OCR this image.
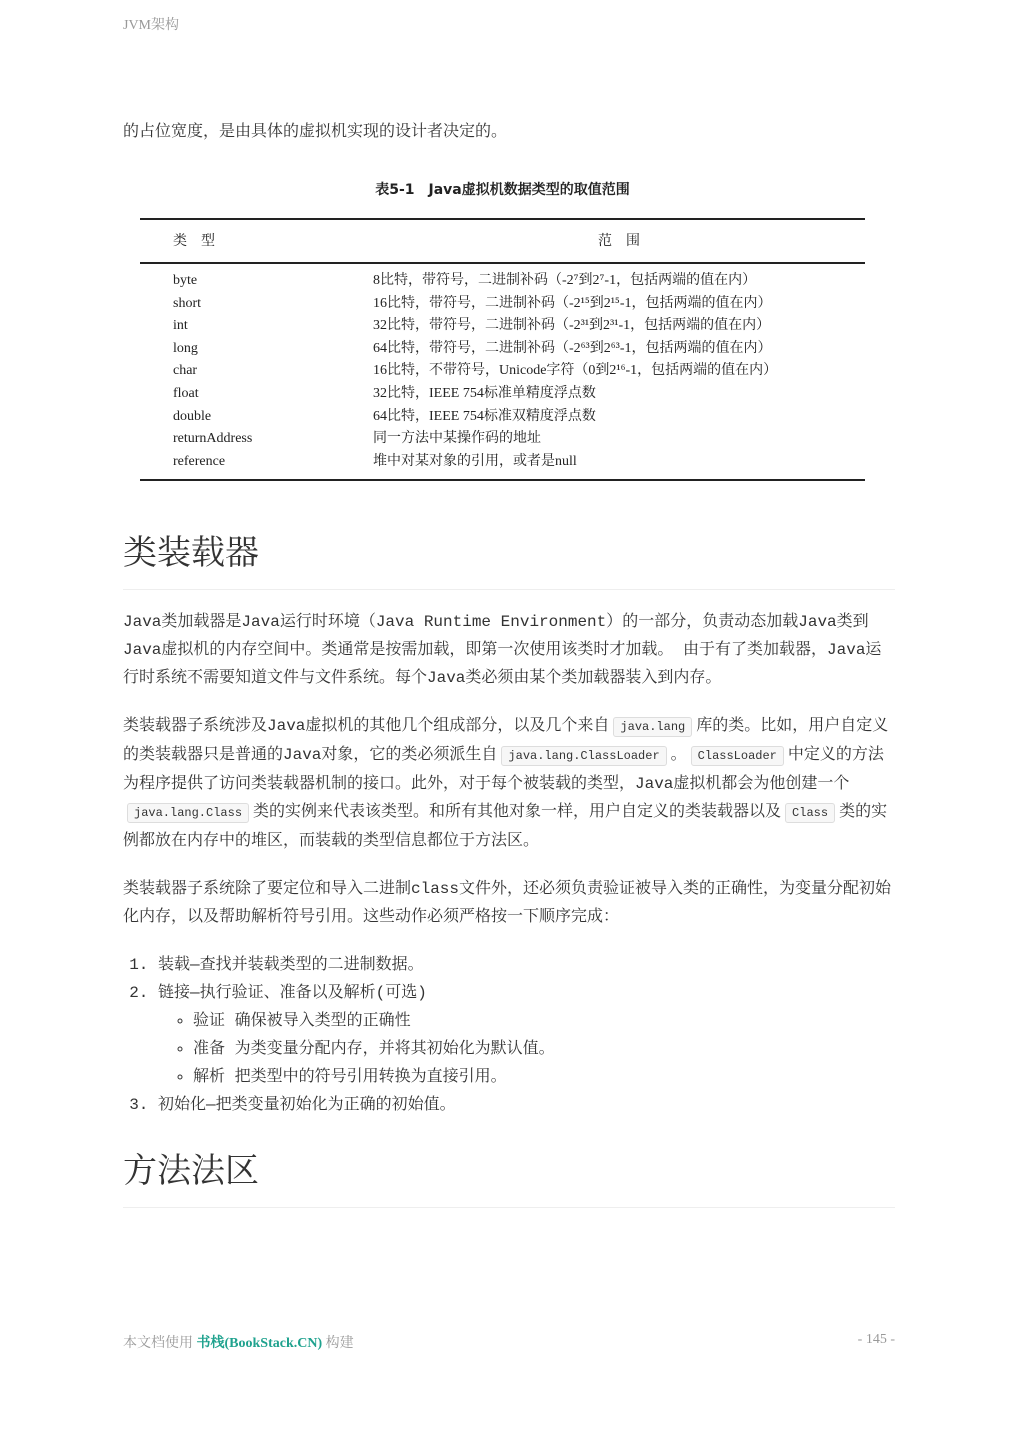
JVM架构

的占位宽度，是由具体的虚拟机实现的设计者决定的。

表5-1　Java虚拟机数据类型的取值范围
类　型	范　围
byte	8比特，带符号，二进制补码（-2⁷到2⁷-1，包括两端的值在内）
short	16比特，带符号，二进制补码（-2¹⁵到2¹⁵-1，包括两端的值在内）
int	32比特，带符号，二进制补码（-2³¹到2³¹-1，包括两端的值在内）
long	64比特，带符号，二进制补码（-2⁶³到2⁶³-1，包括两端的值在内）
char	16比特，不带符号，Unicode字符（0到2¹⁶-1，包括两端的值在内）
float	32比特，IEEE 754标准单精度浮点数
double	64比特，IEEE 754标准双精度浮点数
returnAddress	同一方法中某操作码的地址
reference	堆中对某对象的引用，或者是null
类装载器

Java类加载器是Java运行时环境（Java Runtime Environment）的一部分，负责动态加载Java类到Java虚拟机的内存空间中。类通常是按需加载，即第一次使用该类时才加载。 由于有了类加载器，Java运行时系统不需要知道文件与文件系统。每个Java类必须由某个类加载器装入到内存。

类装载器子系统涉及Java虚拟机的其他几个组成部分，以及几个来自 java.lang 库的类。比如，用户自定义的类装载器只是普通的Java对象，它的类必须派生自 java.lang.ClassLoader 。 ClassLoader 中定义的方法为程序提供了访问类装载器机制的接口。此外，对于每个被装载的类型，Java虚拟机都会为他创建一个java.lang.Class 类的实例来代表该类型。和所有其他对象一样，用户自定义的类装载器以及 Class 类的实例都放在内存中的堆区，而装载的类型信息都位于方法区。

类装载器子系统除了要定位和导入二进制class文件外，还必须负责验证被导入类的正确性，为变量分配初始化内存，以及帮助解析符号引用。这些动作必须严格按一下顺序完成：

1. 装载—查找并装载类型的二进制数据。
2. 链接—执行验证、准备以及解析(可选)
◦ 验证 确保被导入类型的正确性
◦ 准备 为类变量分配内存，并将其初始化为默认值。
◦ 解析 把类型中的符号引用转换为直接引用。
3. 初始化—把类变量初始化为正确的初始值。
方法法区
本文档使用 书栈(BookStack.CN) 构建	- 145 -
